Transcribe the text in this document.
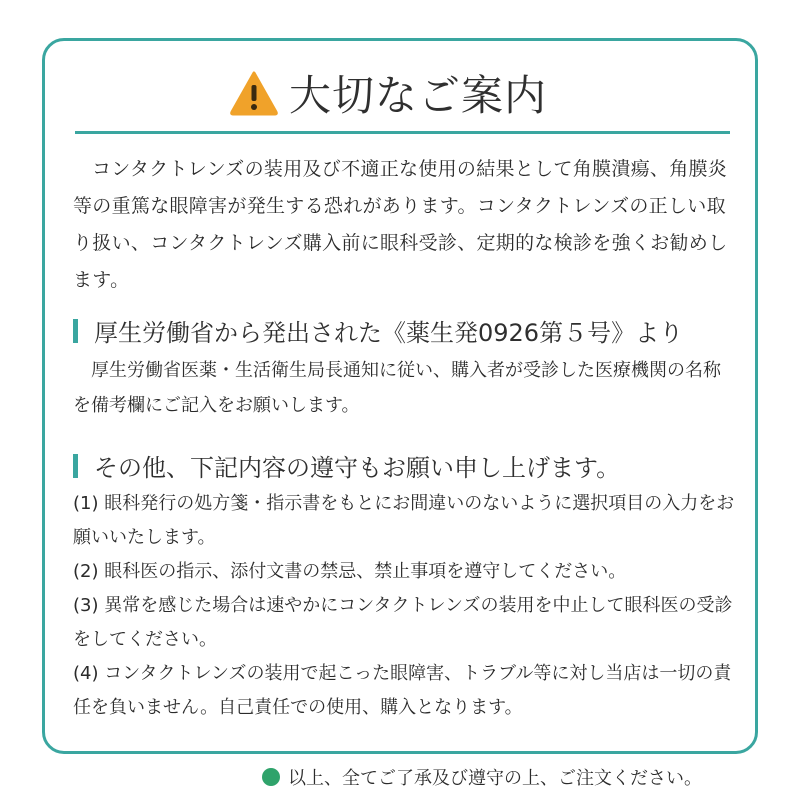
大切なご案内
コンタクトレンズの装用及び不適正な使用の結果として角膜潰瘍、角膜炎等の重篤な眼障害が発生する恐れがあります。コンタクトレンズの正しい取り扱い、コンタクトレンズ購入前に眼科受診、定期的な検診を強くお勧めします。
厚生労働省から発出された《薬生発0926第５号》より
厚生労働省医薬・生活衛生局長通知に従い、購入者が受診した医療機関の名称を備考欄にご記入をお願いします。
その他、下記内容の遵守もお願い申し上げます。
(1) 眼科発行の処方箋・指示書をもとにお間違いのないように選択項目の入力をお願いいたします。
(2) 眼科医の指示、添付文書の禁忌、禁止事項を遵守してください。
(3) 異常を感じた場合は速やかにコンタクトレンズの装用を中止して眼科医の受診をしてください。
(4) コンタクトレンズの装用で起こった眼障害、トラブル等に対し当店は一切の責任を負いません。自己責任での使用、購入となります。
以上、全てご了承及び遵守の上、ご注文ください。
